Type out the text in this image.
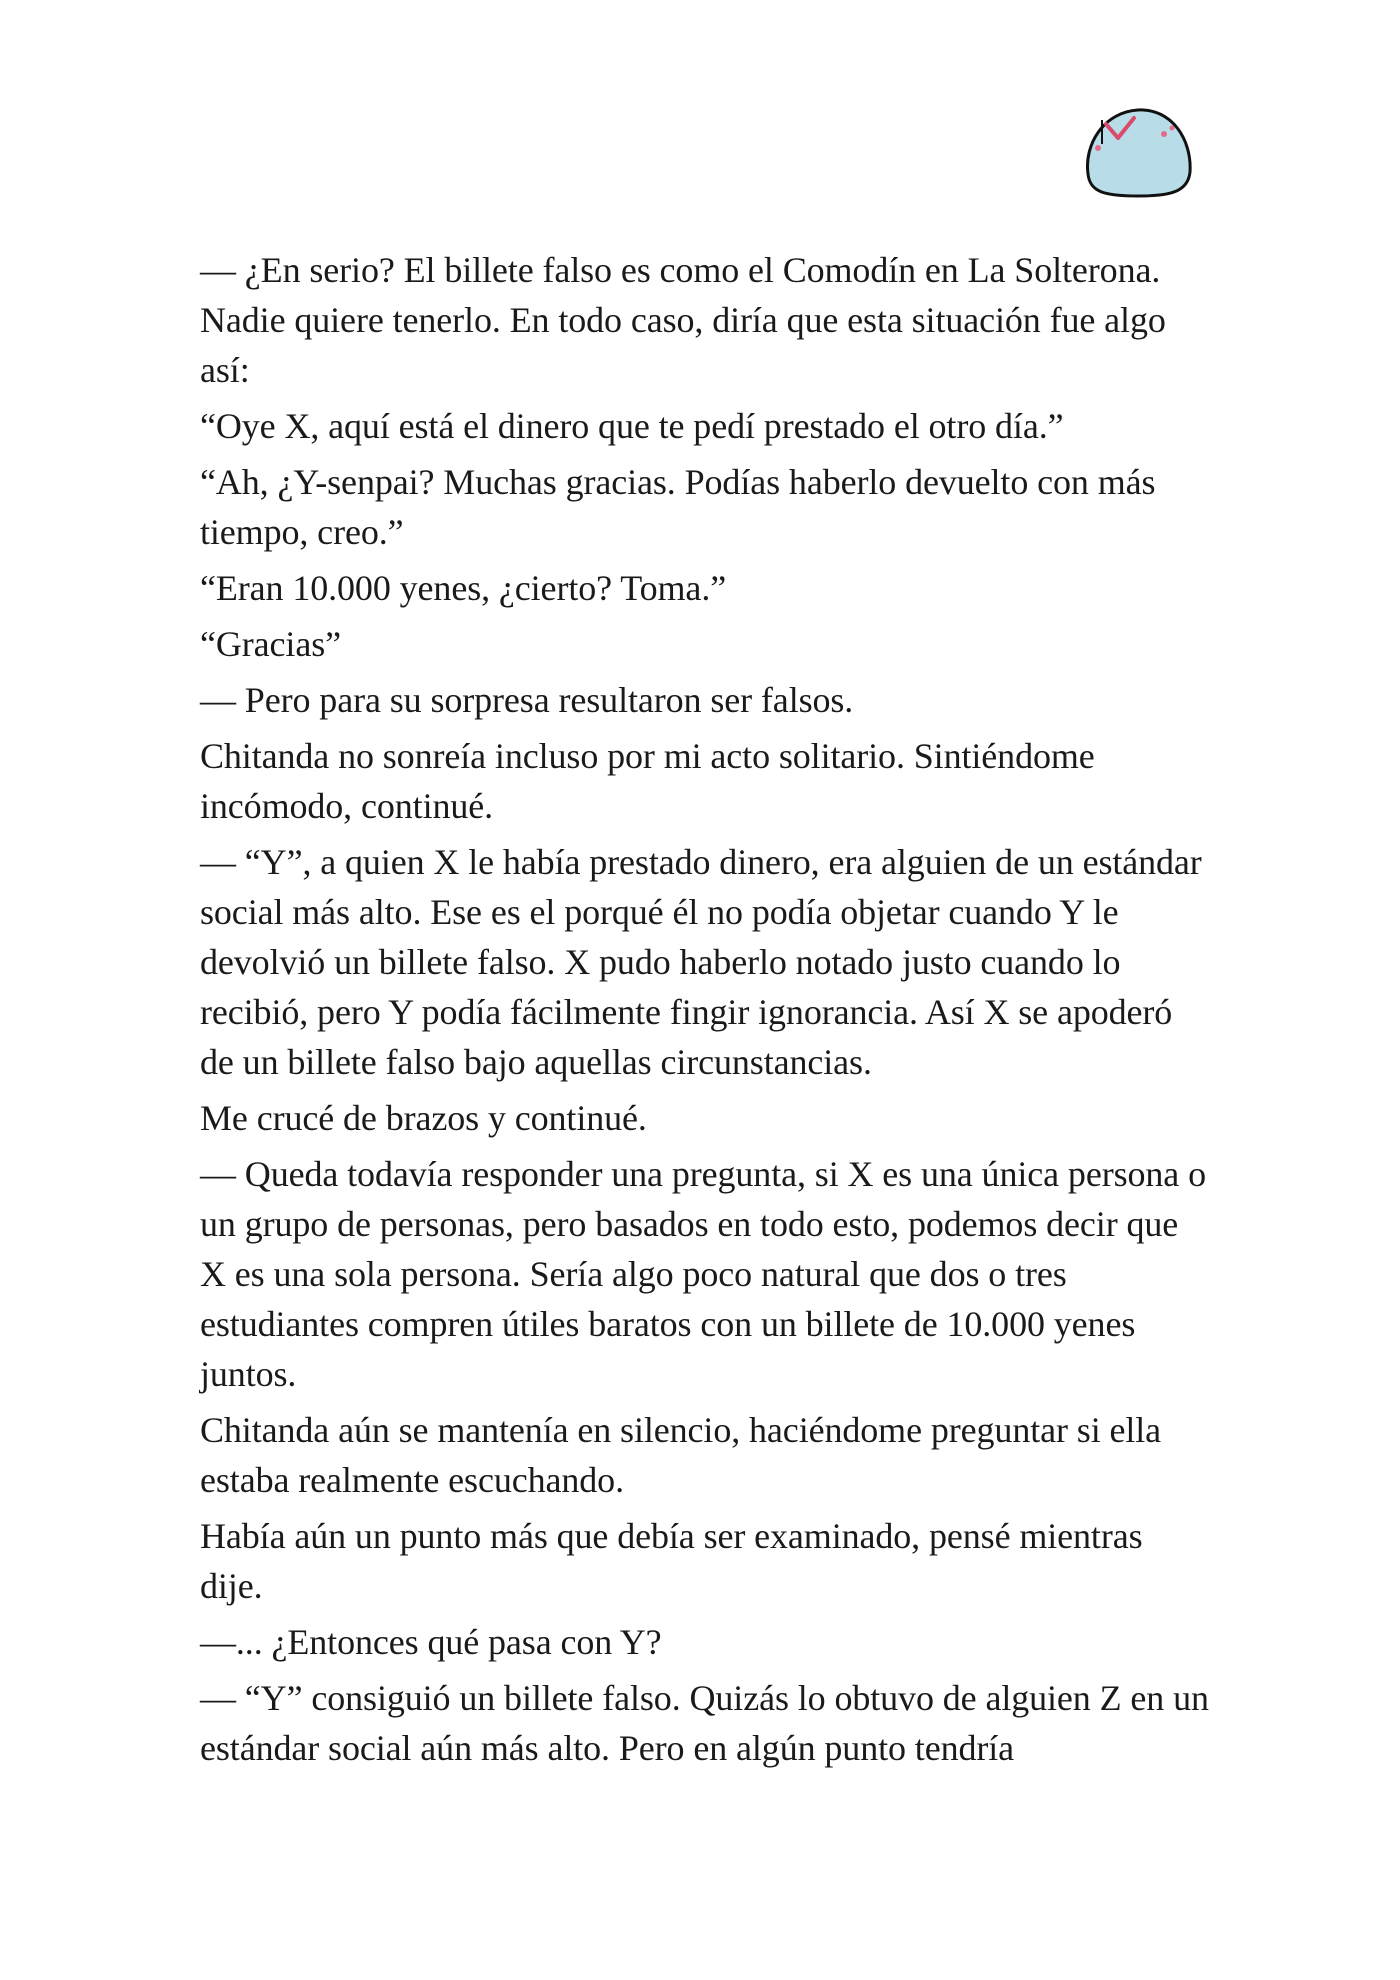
— ¿En serio? El billete falso es como el Comodín en La Solterona. Nadie quiere tenerlo. En todo caso, diría que esta situación fue algo así:

“Oye X, aquí está el dinero que te pedí prestado el otro día.”

“Ah, ¿Y-senpai? Muchas gracias. Podías haberlo devuelto con más tiempo, creo.”

“Eran 10.000 yenes, ¿cierto? Toma.”

“Gracias”

— Pero para su sorpresa resultaron ser falsos.

Chitanda no sonreía incluso por mi acto solitario. Sintiéndome incómodo, continué.

— “Y”, a quien X le había prestado dinero, era alguien de un estándar social más alto. Ese es el porqué él no podía objetar cuando Y le devolvió un billete falso. X pudo haberlo notado justo cuando lo recibió, pero Y podía fácilmente fingir ignorancia. Así X se apoderó de un billete falso bajo aquellas circunstancias.

Me crucé de brazos y continué.

— Queda todavía responder una pregunta, si X es una única persona o un grupo de personas, pero basados en todo esto, podemos decir que X es una sola persona. Sería algo poco natural que dos o tres estudiantes compren útiles baratos con un billete de 10.000 yenes juntos.

Chitanda aún se mantenía en silencio, haciéndome preguntar si ella estaba realmente escuchando.

Había aún un punto más que debía ser examinado, pensé mientras dije.

—... ¿Entonces qué pasa con Y?

— “Y” consiguió un billete falso. Quizás lo obtuvo de alguien Z en un estándar social aún más alto. Pero en algún punto tendría
